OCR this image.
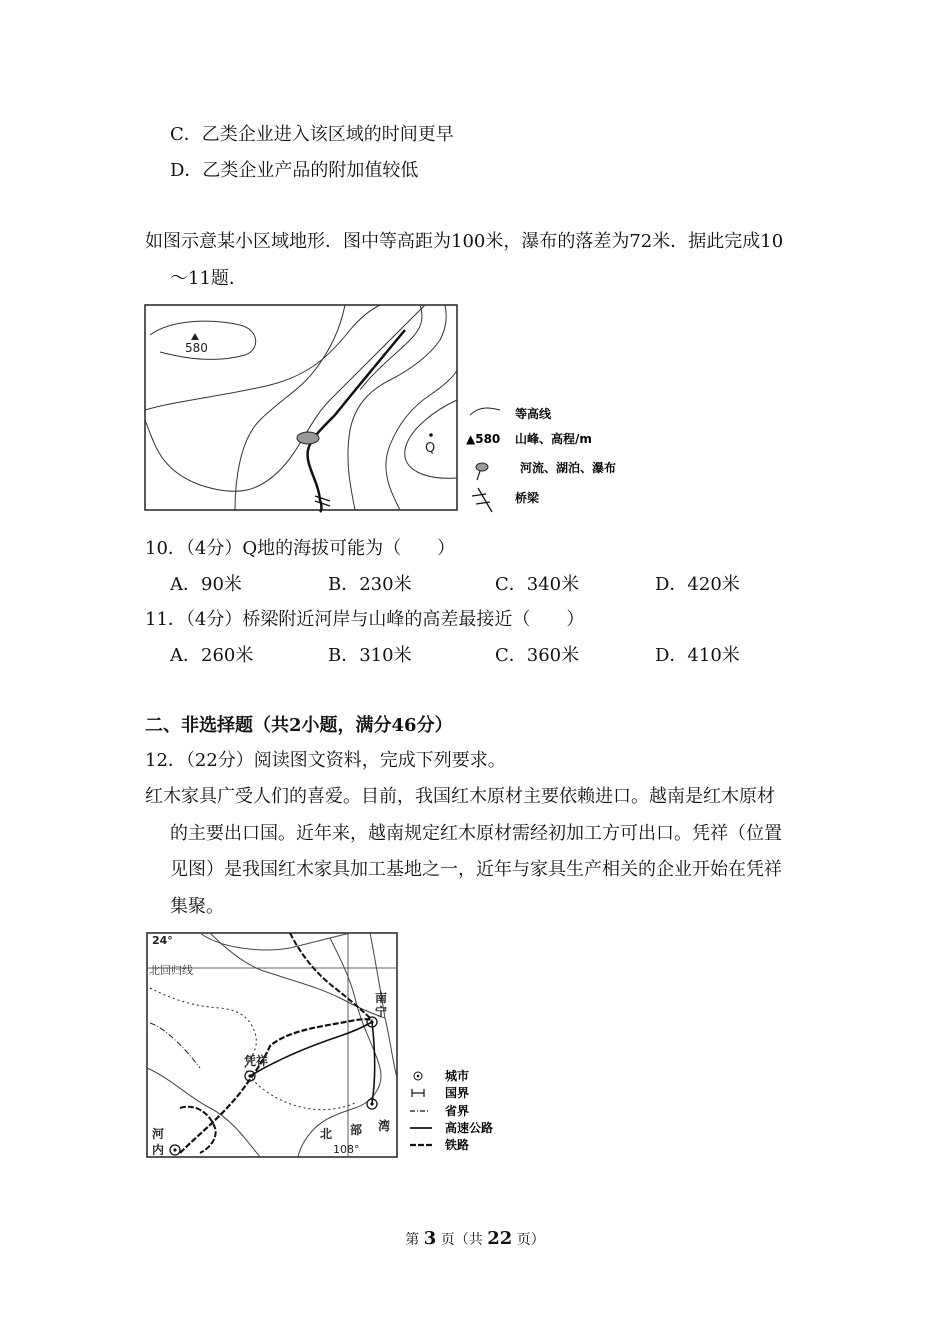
C．乙类企业进入该区域的时间更早
D．乙类企业产品的附加值较低
如图示意某小区域地形．图中等高距为100米，瀑布的落差为72米．据此完成10
～11题．
580
Q
等高线
▲580 山峰、高程/m
河流、湖泊、瀑布
桥梁
10．（4分）Q地的海拔可能为（　　）
A．90米	B．230米	C．340米	D．420米
11．（4分）桥梁附近河岸与山峰的高差最接近（　　）
A．260米	B．310米	C．360米	D．410米
二、非选择题（共2小题，满分46分）
12．（22分）阅读图文资料，完成下列要求。
红木家具广受人们的喜爱。目前，我国红木原材主要依赖进口。越南是红木原材
的主要出口国。近年来，越南规定红木原材需经初加工方可出口。凭祥（位置
见图）是我国红木家具加工基地之一，近年与家具生产相关的企业开始在凭祥
集聚。
24°
北回归线
南
宁
凭祥
河
内
北 部 湾
108°
城市
国界
省界
高速公路
铁路
第 3 页（共 22 页）
